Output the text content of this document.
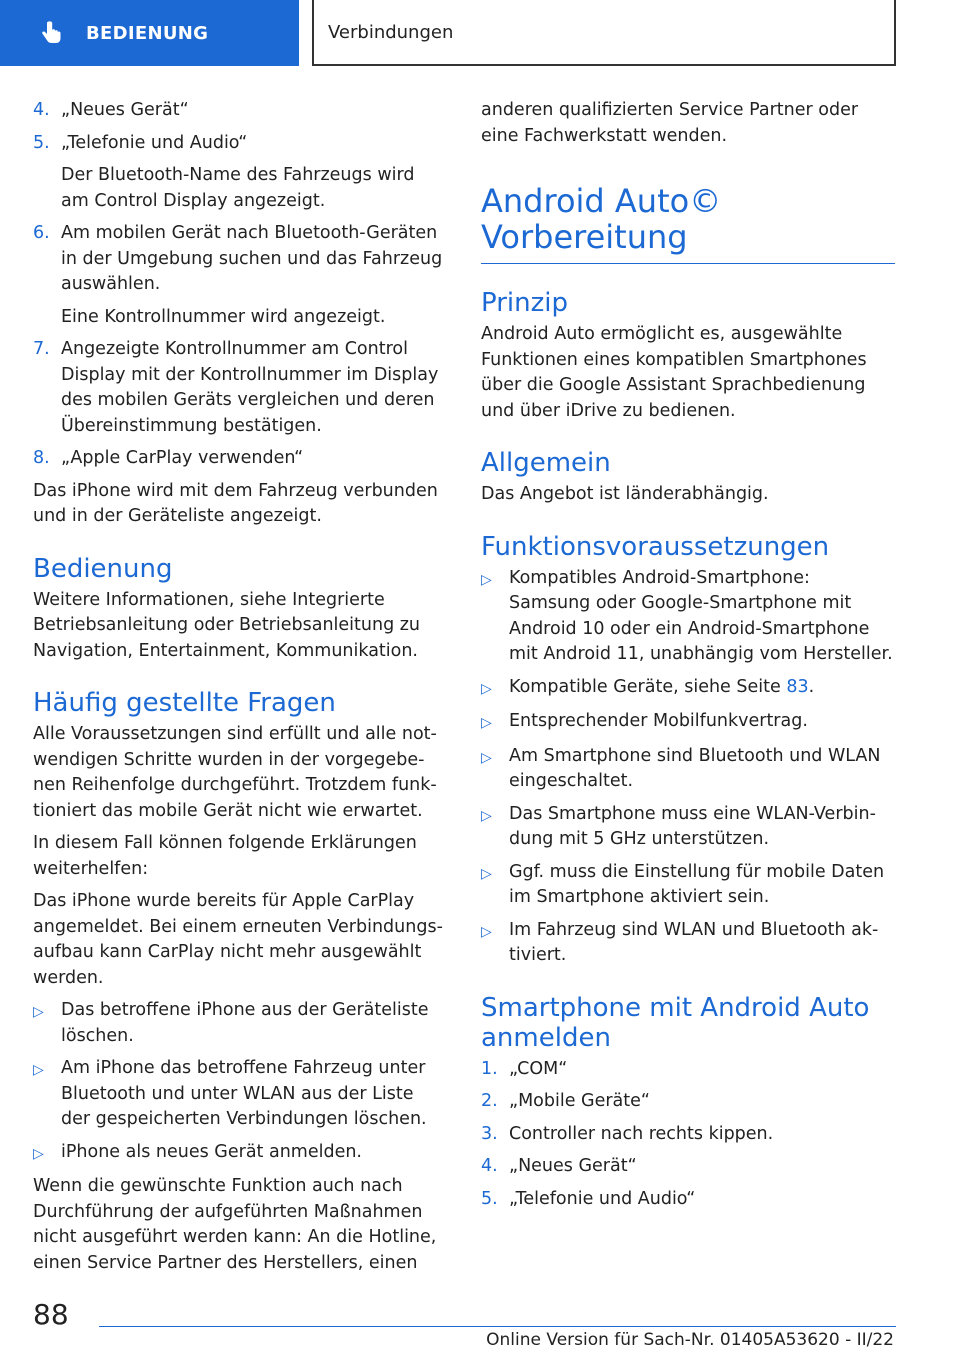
BEDIENUNG	Verbindungen
4. „Neues Gerät“
5. „Telefonie und Audio“
Der Bluetooth-Name des Fahrzeugs wird am Control Display angezeigt.
6. Am mobilen Gerät nach Bluetooth-Geräten in der Umgebung suchen und das Fahrzeug auswählen.
Eine Kontrollnummer wird angezeigt.
7. Angezeigte Kontrollnummer am Control Display mit der Kontrollnummer im Display des mobilen Geräts vergleichen und deren Übereinstimmung bestätigen.
8. „Apple CarPlay verwenden“

Das iPhone wird mit dem Fahrzeug verbunden und in der Geräteliste angezeigt.

Bedienung

Weitere Informationen, siehe Integrierte Betriebsanleitung oder Betriebsanleitung zu Navigation, Entertainment, Kommunikation.

Häufig gestellte Fragen

Alle Voraussetzungen sind erfüllt und alle notwendigen Schritte wurden in der vorgegebenen Reihenfolge durchgeführt. Trotzdem funktioniert das mobile Gerät nicht wie erwartet.

In diesem Fall können folgende Erklärungen weiterhelfen:

Das iPhone wurde bereits für Apple CarPlay angemeldet. Bei einem erneuten Verbindungsaufbau kann CarPlay nicht mehr ausgewählt werden.

▷ Das betroffene iPhone aus der Geräteliste löschen.
▷ Am iPhone das betroffene Fahrzeug unter Bluetooth und unter WLAN aus der Liste der gespeicherten Verbindungen löschen.
▷ iPhone als neues Gerät anmelden.

Wenn die gewünschte Funktion auch nach Durchführung der aufgeführten Maßnahmen nicht ausgeführt werden kann: An die Hotline, einen Service Partner des Herstellers, einen

anderen qualifizierten Service Partner oder eine Fachwerkstatt wenden.

Android Auto© Vorbereitung
Prinzip

Android Auto ermöglicht es, ausgewählte Funktionen eines kompatiblen Smartphones über die Google Assistant Sprachbedienung und über iDrive zu bedienen.

Allgemein

Das Angebot ist länderabhängig.

Funktionsvoraussetzungen
▷ Kompatibles Android-Smartphone: Samsung oder Google-Smartphone mit Android 10 oder ein Android-Smartphone mit Android 11, unabhängig vom Hersteller.
▷ Kompatible Geräte, siehe Seite 83.
▷ Entsprechender Mobilfunkvertrag.
▷ Am Smartphone sind Bluetooth und WLAN eingeschaltet.
▷ Das Smartphone muss eine WLAN-Verbindung mit 5 GHz unterstützen.
▷ Ggf. muss die Einstellung für mobile Daten im Smartphone aktiviert sein.
▷ Im Fahrzeug sind WLAN und Bluetooth aktiviert.
Smartphone mit Android Auto anmelden
1. „COM“
2. „Mobile Geräte“
3. Controller nach rechts kippen.
4. „Neues Gerät“
5. „Telefonie und Audio“
88
Online Version für Sach-Nr. 01405A53620 - II/22
